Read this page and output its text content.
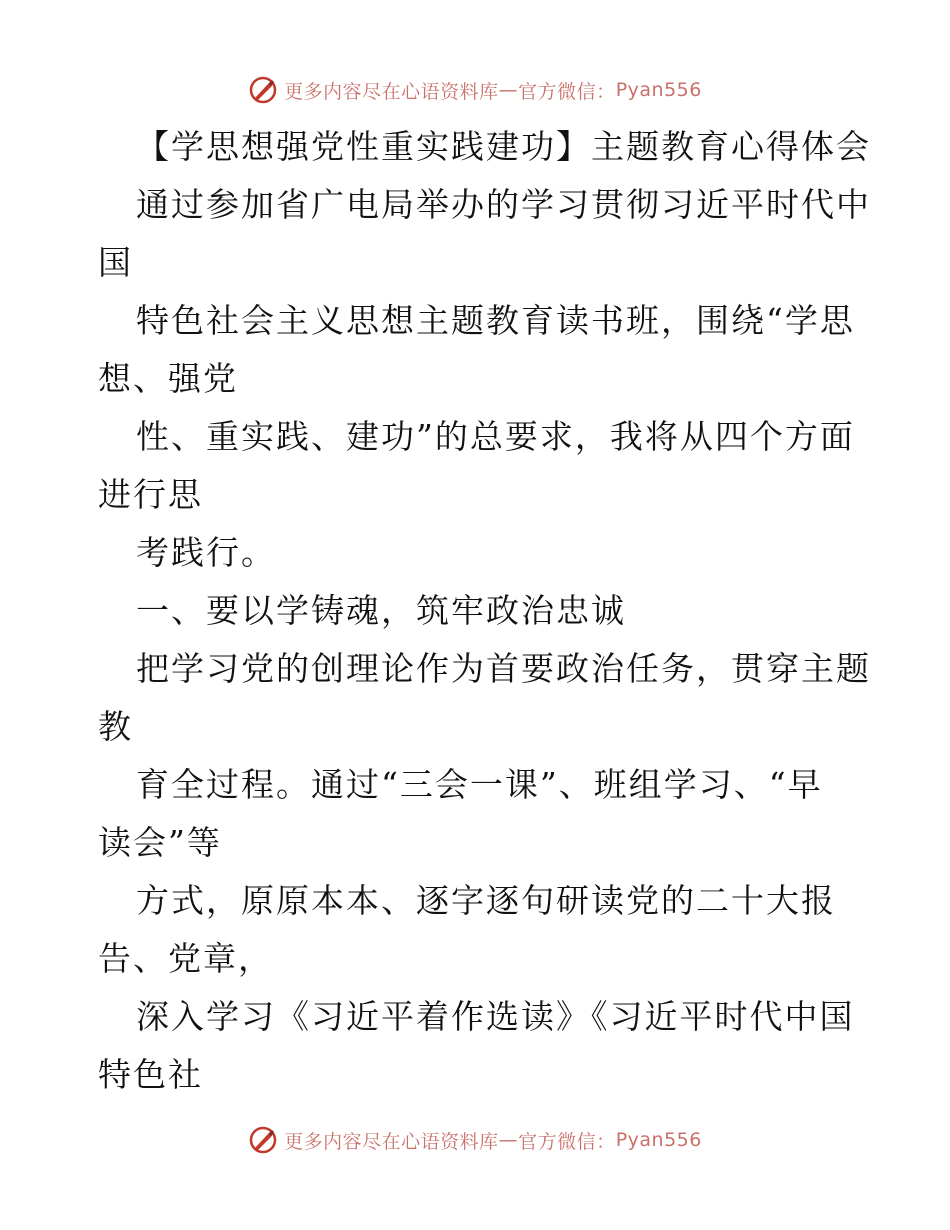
更多内容尽在心语资料库 — 官方微信： Pyan556
【学思想强党性重实践建功】主题教育心得体会
通过参加省广电局举办的学习贯彻习近平时代中
国
特色社会主义思想主题教育读书班，围绕“学思
想、强党
性、重实践、建功”的总要求，我将从四个方面
进行思
考践行。
一、要以学铸魂，筑牢政治忠诚
把学习党的创理论作为首要政治任务，贯穿主题
教
育全过程。通过“三会一课”、班组学习、“早
读会”等
方式，原原本本、逐字逐句研读党的二十大报
告、党章，
深入学习《习近平着作选读》《习近平时代中国
特色社
更多内容尽在心语资料库 — 官方微信： Pyan556
